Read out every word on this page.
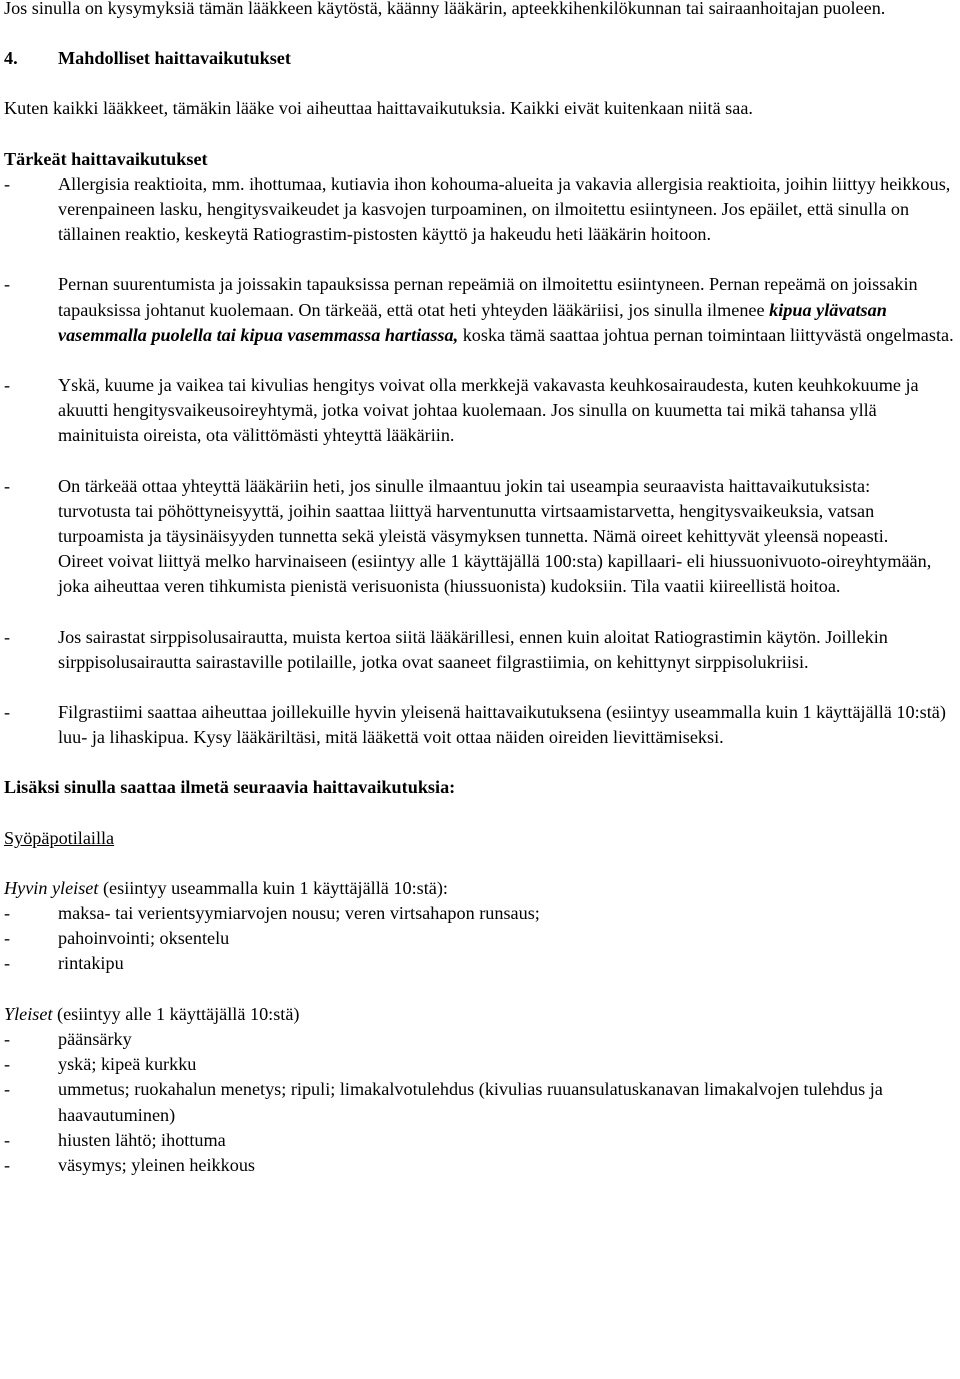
Jos sinulla on kysymyksiä tämän lääkkeen käytöstä, käänny lääkärin, apteekkihenkilökunnan tai sairaanhoitajan puoleen.

4. Mahdolliset haittavaikutukset

Kuten kaikki lääkkeet, tämäkin lääke voi aiheuttaa haittavaikutuksia. Kaikki eivät kuitenkaan niitä saa.

Tärkeät haittavaikutukset

-	Allergisia reaktioita, mm. ihottumaa, kutiavia ihon kohouma-alueita ja vakavia allergisia reaktioita, joihin liittyy heikkous, verenpaineen lasku, hengitysvaikeudet ja kasvojen turpoaminen, on ilmoitettu esiintyneen. Jos epäilet, että sinulla on tällainen reaktio, keskeytä Ratiograstim-pistosten käyttö ja hakeudu heti lääkärin hoitoon.
-	Pernan suurentumista ja joissakin tapauksissa pernan repeämiä on ilmoitettu esiintyneen. Pernan repeämä on joissakin tapauksissa johtanut kuolemaan. On tärkeää, että otat heti yhteyden lääkäriisi, jos sinulla ilmenee kipua ylävatsan vasemmalla puolella tai kipua vasemmassa hartiassa, koska tämä saattaa johtua pernan toimintaan liittyvästä ongelmasta.
-	Yskä, kuume ja vaikea tai kivulias hengitys voivat olla merkkejä vakavasta keuhkosairaudesta, kuten keuhkokuume ja akuutti hengitysvaikeusoireyhtymä, jotka voivat johtaa kuolemaan. Jos sinulla on kuumetta tai mikä tahansa yllä mainituista oireista, ota välittömästi yhteyttä lääkäriin.
-	On tärkeää ottaa yhteyttä lääkäriin heti, jos sinulle ilmaantuu jokin tai useampia seuraavista haittavaikutuksista:

turvotusta tai pöhöttyneisyyttä, joihin saattaa liittyä harventunutta virtsaamistarvetta, hengitysvaikeuksia, vatsan turpoamista ja täysinäisyyden tunnetta sekä yleistä väsymyksen tunnetta. Nämä oireet kehittyvät yleensä nopeasti.

Oireet voivat liittyä melko harvinaiseen (esiintyy alle 1 käyttäjällä 100:sta) kapillaari- eli hiussuonivuoto-oireyhtymään, joka aiheuttaa veren tihkumista pienistä verisuonista (hiussuonista) kudoksiin. Tila vaatii kiireellistä hoitoa.

-	Jos sairastat sirppisolusairautta, muista kertoa siitä lääkärillesi, ennen kuin aloitat Ratiograstimin käytön. Joillekin sirppisolusairautta sairastaville potilaille, jotka ovat saaneet filgrastiimia, on kehittynyt sirppisolukriisi.
-	Filgrastiimi saattaa aiheuttaa joillekuille hyvin yleisenä haittavaikutuksena (esiintyy useammalla kuin 1 käyttäjällä 10:stä) luu- ja lihaskipua. Kysy lääkäriltäsi, mitä lääkettä voit ottaa näiden oireiden lievittämiseksi.

Lisäksi sinulla saattaa ilmetä seuraavia haittavaikutuksia:

Syöpäpotilailla

Hyvin yleiset (esiintyy useammalla kuin 1 käyttäjällä 10:stä):

-	maksa- tai verientsyymiarvojen nousu; veren virtsahapon runsaus;
-	pahoinvointi; oksentelu
-	rintakipu

Yleiset (esiintyy alle 1 käyttäjällä 10:stä)

-	päänsärky
-	yskä; kipeä kurkku
-	ummetus; ruokahalun menetys; ripuli; limakalvotulehdus (kivulias ruuansulatuskanavan limakalvojen tulehdus ja haavautuminen)
-	hiusten lähtö; ihottuma
-	väsymys; yleinen heikkous
